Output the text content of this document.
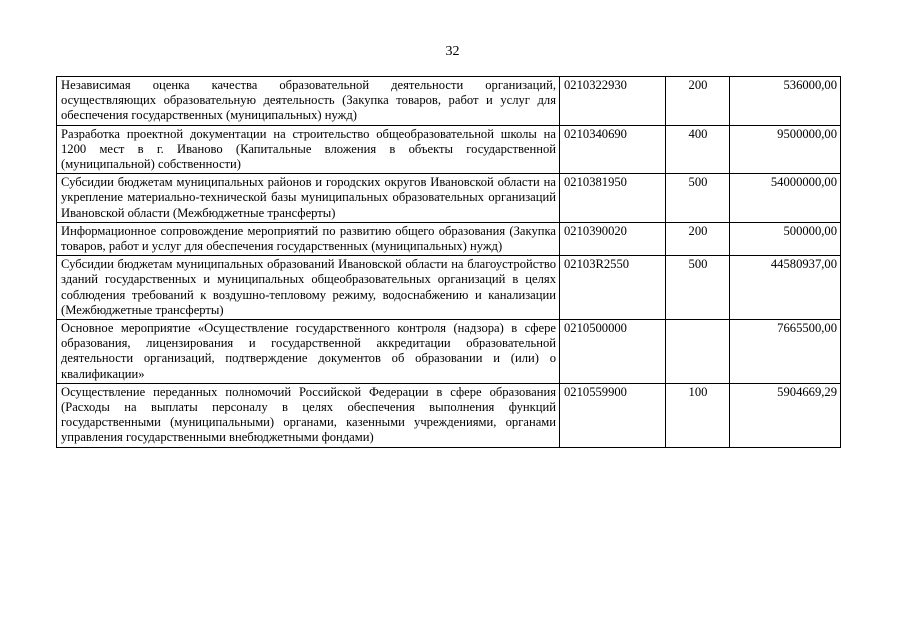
32
Независимая оценка качества образовательной деятельности организаций, осуществляющих образовательную деятельность (Закупка товаров, работ и услуг для обеспечения государственных (муниципальных) нужд)	0210322930	200	536000,00
Разработка проектной документации на строительство общеобразовательной школы на 1200 мест в г. Иваново (Капитальные вложения в объекты государственной (муниципальной) собственности)	0210340690	400	9500000,00
Субсидии бюджетам муниципальных районов и городских округов Ивановской области на укрепление материально-технической базы муниципальных образовательных организаций Ивановской области (Межбюджетные трансферты)	0210381950	500	54000000,00
Информационное сопровождение мероприятий по развитию общего образования (Закупка товаров, работ и услуг для обеспечения государственных (муниципальных) нужд)	0210390020	200	500000,00
Субсидии бюджетам муниципальных образований Ивановской области на благоустройство зданий государственных и муниципальных общеобразовательных организаций в целях соблюдения требований к воздушно-тепловому режиму, водоснабжению и канализации (Межбюджетные трансферты)	02103R2550	500	44580937,00
Основное мероприятие «Осуществление государственного контроля (надзора) в сфере образования, лицензирования и государственной аккредитации образовательной деятельности организаций, подтверждение документов об образовании и (или) о квалификации»	0210500000		7665500,00
Осуществление переданных полномочий Российской Федерации в сфере образования (Расходы на выплаты персоналу в целях обеспечения выполнения функций государственными (муниципальными) органами, казенными учреждениями, органами управления государственными внебюджетными фондами)	0210559900	100	5904669,29
